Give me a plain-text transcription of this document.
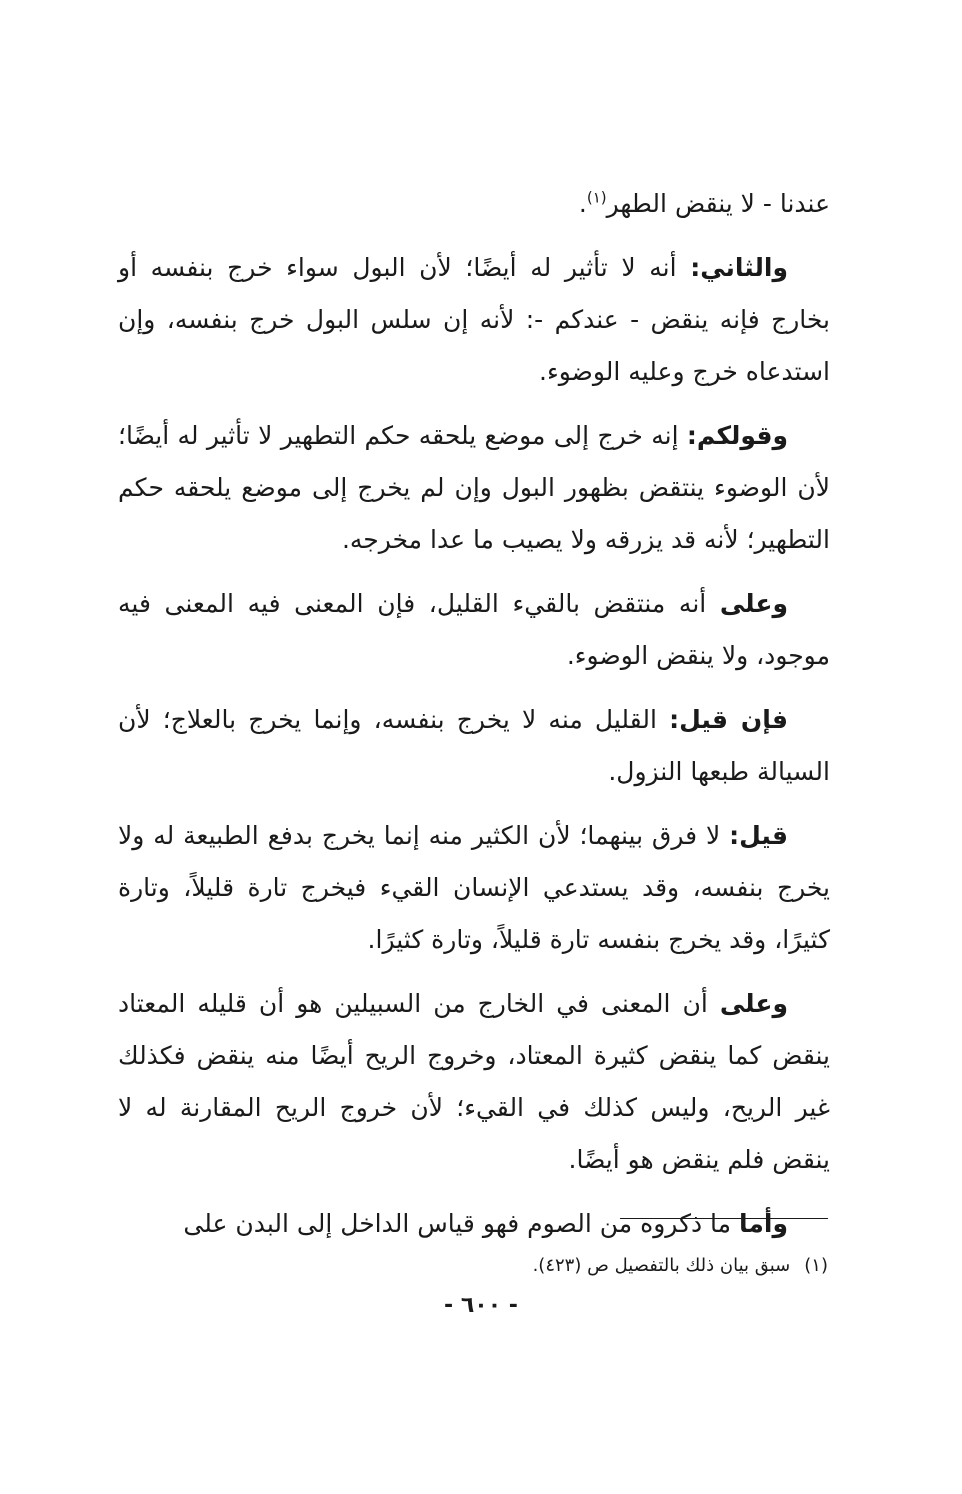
عندنا - لا ينقض الطهر$^{(١)}$.

والثاني: أنه لا تأثير له أيضًا؛ لأن البول سواء خرج بنفسه أو بخارج فإنه ينقض - عندكم -: لأنه إن سلس البول خرج بنفسه، وإن استدعاه خرج وعليه الوضوء.

وقولكم: إنه خرج إلى موضع يلحقه حكم التطهير لا تأثير له أيضًا؛ لأن الوضوء ينتقض بظهور البول وإن لم يخرج إلى موضع يلحقه حكم التطهير؛ لأنه قد يزرقه ولا يصيب ما عدا مخرجه.

وعلى أنه منتقض بالقيء القليل، فإن المعنى فيه المعنى فيه موجود، ولا ينقض الوضوء.

فإن قيل: القليل منه لا يخرج بنفسه، وإنما يخرج بالعلاج؛ لأن السيالة طبعها النزول.

قيل: لا فرق بينهما؛ لأن الكثير منه إنما يخرج بدفع الطبيعة له ولا يخرج بنفسه، وقد يستدعي الإنسان القيء فيخرج تارة قليلاً، وتارة كثيرًا، وقد يخرج بنفسه تارة قليلاً، وتارة كثيرًا.

وعلى أن المعنى في الخارج من السبيلين هو أن قليله المعتاد ينقض كما ينقض كثيرة المعتاد، وخروج الريح أيضًا منه ينقض فكذلك غير الريح، وليس كذلك في القيء؛ لأن خروج الريح المقارنة له لا ينقض فلم ينقض هو أيضًا.

وأما ما ذكروه من الصوم فهو قياس الداخل إلى البدن على

(١)سبق بيان ذلك بالتفصيل ص (٤٢٣).
- ٦٠٠ -
